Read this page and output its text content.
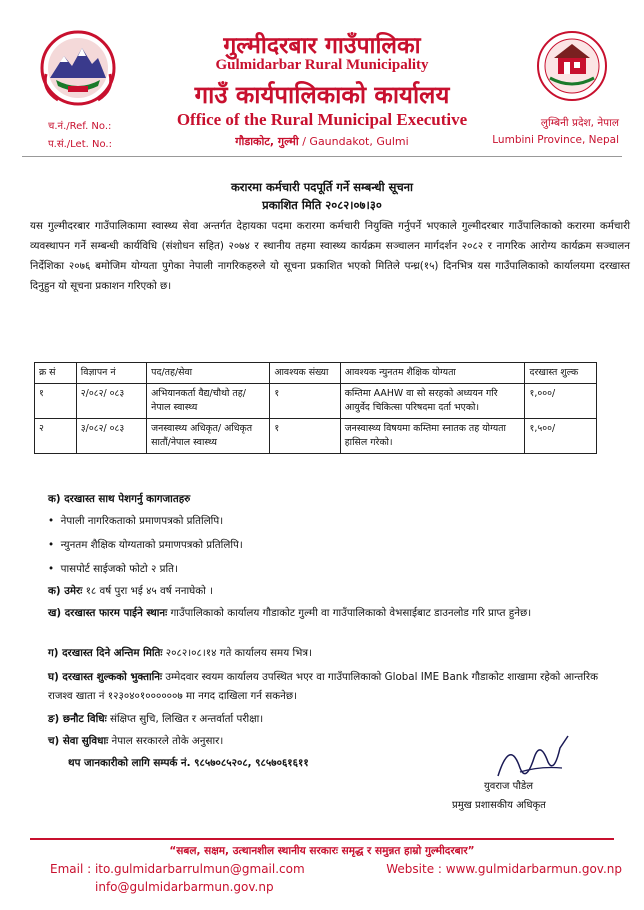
गुल्मीदरबार गाउँपालिका
Gulmidarbar Rural Municipality
गाउँ कार्यपालिकाको कार्यालय
Office of the Rural Municipal Executive
गौडाकोट, गुल्मी / Gaundakot, Gulmi
च.नं./Ref. No.:
प.सं./Let. No.:
लुम्बिनी प्रदेश, नेपाल
Lumbini Province, Nepal
करारमा कर्मचारी पदपूर्ति गर्ने सम्बन्धी सूचना
प्रकाशित मिति २०८२।०७।३०
यस गुल्मीदरबार गाउँपालिकामा स्वास्थ्य सेवा अन्तर्गत देहायका पदमा करारमा कर्मचारी नियुक्ति गर्नुपर्ने भएकाले गुल्मीदरबार गाउँपालिकाको करारमा कर्मचारी व्यवस्थापन गर्ने सम्बन्धी कार्यविधि (संशोधन सहित) २०७४ र स्थानीय तहमा स्वास्थ्य कार्यक्रम सञ्चालन मार्गदर्शन २०८२ र नागरिक आरोग्य कार्यक्रम सञ्चालन निर्देशिका २०७६ बमोजिम योग्यता पुगेका नेपाली नागरिकहरुले यो सूचना प्रकाशित भएको मितिले पन्ध्र(१५) दिनभित्र यस गाउँपालिकाको कार्यालयमा दरखास्त दिनुहुन यो सूचना प्रकाशन गरिएको छ।
क्र सं	विज्ञापन नं	पद/तह/सेवा	आवश्यक संख्या	आवश्यक न्युनतम शैक्षिक योग्यता	दरखास्त शुल्क
१	२/०८२/ ०८३	अभियानकर्ता वैद्य/चौथो तह/ नेपाल स्वास्थ्य	१	कम्तिमा AAHW वा सो सरहको अध्ययन गरि आयुर्वेद चिकित्सा परिषदमा दर्ता भएको।	१,०००/
२	३/०८२/ ०८३	जनस्वास्थ्य अधिकृत/ अधिकृत सातौं/नेपाल स्वास्थ्य	१	जनस्वास्थ्य विषयमा कम्तिमा स्नातक तह योग्यता हासिल गरेको।	१,५००/
क) दरखास्त साथ पेशगर्नु कागजातहरु
•  नेपाली नागरिकताको प्रमाणपत्रको प्रतिलिपि।
•  न्युनतम शैक्षिक योग्यताको प्रमाणपत्रको प्रतिलिपि।
•  पासपोर्ट साईजको फोटो २ प्रति।
क) उमेरः १८ वर्ष पुरा भई ४५ वर्ष ननाघेको ।
ख) दरखास्त फारम पाईने स्थानः गाउँपालिकाको कार्यालय गौडाकोट गुल्मी वा गाउँपालिकाको वेभसाईबाट डाउनलोड गरि प्राप्त हुनेछ।
ग) दरखास्त दिने अन्तिम मितिः २०८२।०८।१४ गते कार्यालय समय भित्र।
घ) दरखास्त शुल्कको भुक्तानिः उम्मेदवार स्वयम कार्यालय उपस्थित भएर वा गाउँपालिकाको Global IME Bank गौडाकोट शाखामा रहेको आन्तरिक राजश्व खाता नं १२३०४०१००००००७ मा नगद दाखिला गर्न सकनेछ।
ङ) छनौट विधिः संक्षिप्त सुचि, लिखित र अन्तर्वार्ता परीक्षा।
च) सेवा सुविधाः नेपाल सरकारले तोके अनुसार।
थप जानकारीको लागि सम्पर्क नं. ९८५७०८५२०८, ९८५७०६१६११
युवराज पौडेल
प्रमुख प्रशासकीय अधिकृत
“सबल, सक्षम, उत्थानशील स्थानीय सरकारः समृद्ध र समुन्नत हाम्रो गुल्मीदरबार”
Email : ito.gulmidarbarrulmun@gmail.com
info@gulmidarbarmun.gov.np
Website : www.gulmidarbarmun.gov.np
